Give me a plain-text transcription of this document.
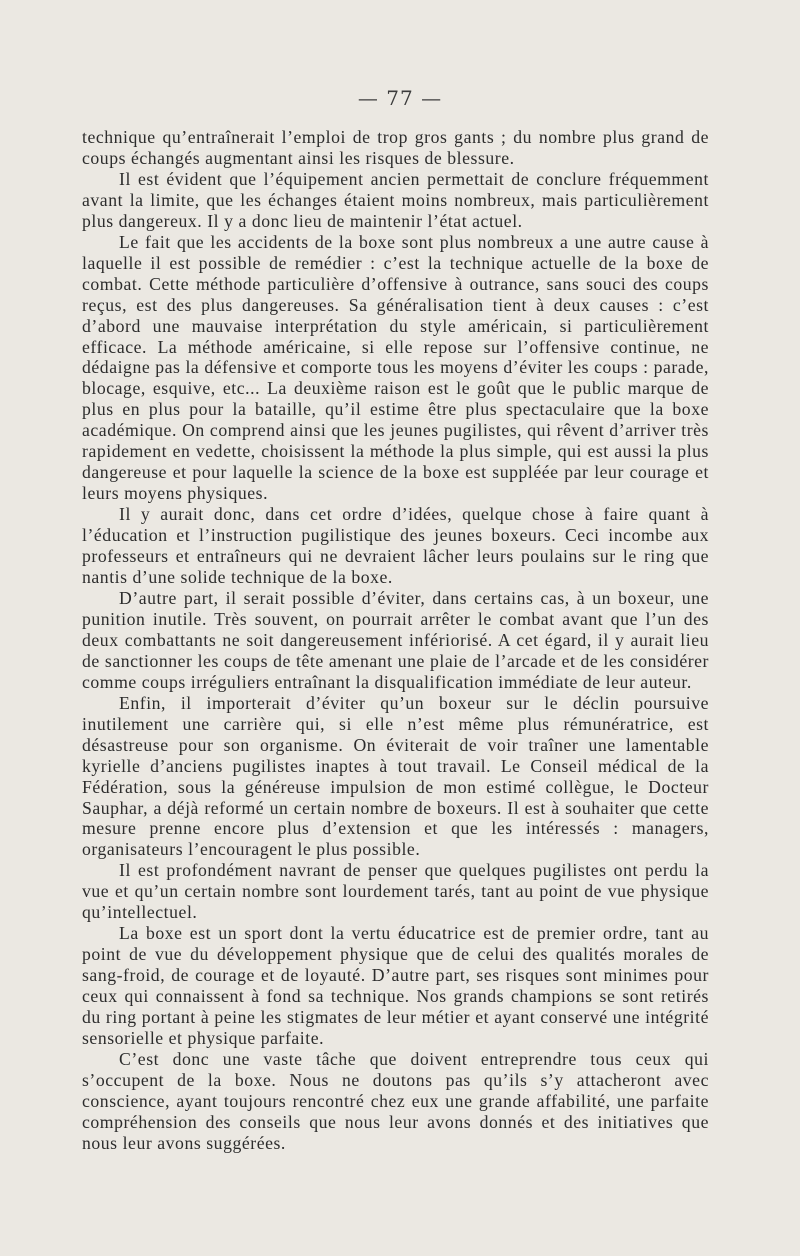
— 77 —

technique qu’entraînerait l’emploi de trop gros gants ; du nombre plus grand de coups échangés augmentant ainsi les risques de blessure.

Il est évident que l’équipement ancien permettait de conclure fréquemment avant la limite, que les échanges étaient moins nombreux, mais particulièrement plus dangereux. Il y a donc lieu de maintenir l’état actuel.

Le fait que les accidents de la boxe sont plus nombreux a une autre cause à laquelle il est possible de remédier : c’est la technique actuelle de la boxe de combat. Cette méthode particulière d’offensive à outrance, sans souci des coups reçus, est des plus dangereuses. Sa généralisation tient à deux causes : c’est d’abord une mauvaise interprétation du style américain, si particulièrement efficace. La méthode américaine, si elle repose sur l’offensive continue, ne dédaigne pas la défensive et comporte tous les moyens d’éviter les coups : parade, blocage, esquive, etc... La deuxième raison est le goût que le public marque de plus en plus pour la bataille, qu’il estime être plus spectaculaire que la boxe académique. On comprend ainsi que les jeunes pugilistes, qui rêvent d’arriver très rapidement en vedette, choisissent la méthode la plus simple, qui est aussi la plus dangereuse et pour laquelle la science de la boxe est suppléée par leur courage et leurs moyens physiques.

Il y aurait donc, dans cet ordre d’idées, quelque chose à faire quant à l’éducation et l’instruction pugilistique des jeunes boxeurs. Ceci incombe aux professeurs et entraîneurs qui ne devraient lâcher leurs poulains sur le ring que nantis d’une solide technique de la boxe.

D’autre part, il serait possible d’éviter, dans certains cas, à un boxeur, une punition inutile. Très souvent, on pourrait arrêter le combat avant que l’un des deux combattants ne soit dangereusement infériorisé. A cet égard, il y aurait lieu de sanctionner les coups de tête amenant une plaie de l’arcade et de les considérer comme coups irréguliers entraînant la disqualification immédiate de leur auteur.

Enfin, il importerait d’éviter qu’un boxeur sur le déclin poursuive inutilement une carrière qui, si elle n’est même plus rémunératrice, est désastreuse pour son organisme. On éviterait de voir traîner une lamentable kyrielle d’anciens pugilistes inaptes à tout travail. Le Conseil médical de la Fédération, sous la généreuse impulsion de mon estimé collègue, le Docteur Sauphar, a déjà reformé un certain nombre de boxeurs. Il est à souhaiter que cette mesure prenne encore plus d’extension et que les intéressés : managers, organisateurs l’encouragent le plus possible.

Il est profondément navrant de penser que quelques pugilistes ont perdu la vue et qu’un certain nombre sont lourdement tarés, tant au point de vue physique qu’intellectuel.

La boxe est un sport dont la vertu éducatrice est de premier ordre, tant au point de vue du développement physique que de celui des qualités morales de sang-froid, de courage et de loyauté. D’autre part, ses risques sont minimes pour ceux qui connaissent à fond sa technique. Nos grands champions se sont retirés du ring portant à peine les stigmates de leur métier et ayant conservé une intégrité sensorielle et physique parfaite.

C’est donc une vaste tâche que doivent entreprendre tous ceux qui s’occupent de la boxe. Nous ne doutons pas qu’ils s’y attacheront avec conscience, ayant toujours rencontré chez eux une grande affabilité, une parfaite compréhension des conseils que nous leur avons donnés et des initiatives que nous leur avons suggérées.
